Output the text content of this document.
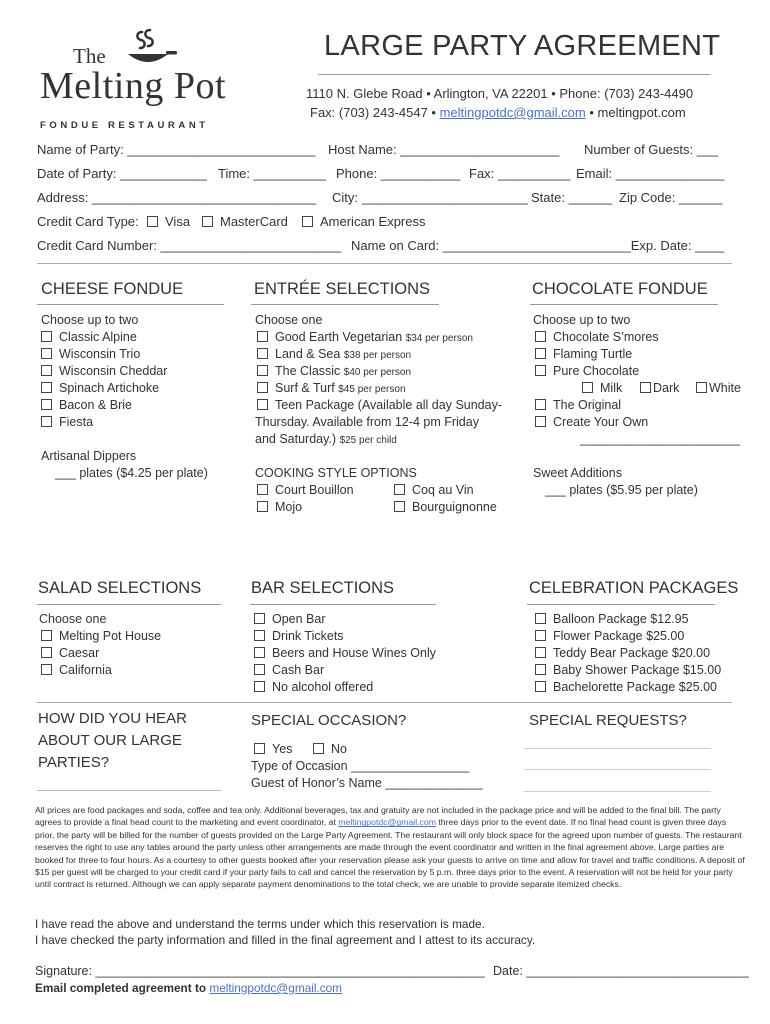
The
Melting Pot
FONDUE RESTAURANT
LARGE PARTY AGREEMENT
1110 N. Glebe Road • Arlington, VA 22201 • Phone: (703) 243-4490
Fax: (703) 243-4547 • meltingpotdc@gmail.com • meltingpot.com
Name of Party: __________________________ Host Name: ______________________ Number of Guests: ___
Date of Party: ____________ Time: __________ Phone: ___________ Fax: __________ Email: _______________
Address: _______________________________ City: _______________________ State: ______ Zip Code: ______
Credit Card Type:	Visa	MasterCard	American Express
Credit Card Number: _________________________ Name on Card: __________________________Exp. Date: ____
CHEESE FONDUE
Choose up to two
Classic Alpine
Wisconsin Trio
Wisconsin Cheddar
Spinach Artichoke
Bacon & Brie
Fiesta
Artisanal Dippers
___ plates ($4.25 per plate)
ENTRÉE SELECTIONS
Choose one
Good Earth Vegetarian $34 per person
Land & Sea $38 per person
The Classic $40 per person
Surf & Turf $45 per person
Teen Package (Available all day Sunday-
Thursday. Available from 12-4 pm Friday
and Saturday.) $25 per child
COOKING STYLE OPTIONS
Court Bouillon	Coq au Vin
Mojo	Bourguignonne
CHOCOLATE FONDUE
Choose up to two
Chocolate S’mores
Flaming Turtle
Pure Chocolate
Milk	Dark	White
The Original
Create Your Own
_______________________
Sweet Additions
___ plates ($5.95 per plate)
SALAD SELECTIONS
Choose one
Melting Pot House
Caesar
California
BAR SELECTIONS
Open Bar
Drink Tickets
Beers and House Wines Only
Cash Bar
No alcohol offered
CELEBRATION PACKAGES
Balloon Package $12.95
Flower Package $25.00
Teddy Bear Package $20.00
Baby Shower Package $15.00
Bachelorette Package $25.00
HOW DID YOU HEAR
ABOUT OUR LARGE
PARTIES?
SPECIAL OCCASION?
Yes	No
Type of Occasion _________________
Guest of Honor’s Name ______________
SPECIAL REQUESTS?
All prices are food packages and soda, coffee and tea only. Additional beverages, tax and gratuity are not included in the package price and will be added to the final bill. The party agrees to provide a final head count to the marketing and event coordinator, at meltingpotdc@gmail.com three days prior to the event date. If no final head count is given three days prior, the party will be billed for the number of guests provided on the Large Party Agreement. The restaurant will only block space for the agreed upon number of guests. The restaurant reserves the right to use any tables around the party unless other arrangements are made through the event coordinator and written in the final agreement above. Large parties are booked for three to four hours. As a courtesy to other guests booked after your reservation please ask your guests to arrive on time and allow for travel and traffic conditions. A deposit of $15 per guest will be charged to your credit card if your party fails to call and cancel the reservation by 5 p.m. three days prior to the event. A reservation will not be held for your party until contract is returned. Although we can apply separate payment denominations to the total check, we are unable to provide separate itemized checks.
I have read the above and understand the terms under which this reservation is made.
I have checked the party information and filled in the final agreement and I attest to its accuracy.
Signature: ________________________________________________________ Date: ________________________________
Email completed agreement to meltingpotdc@gmail.com
